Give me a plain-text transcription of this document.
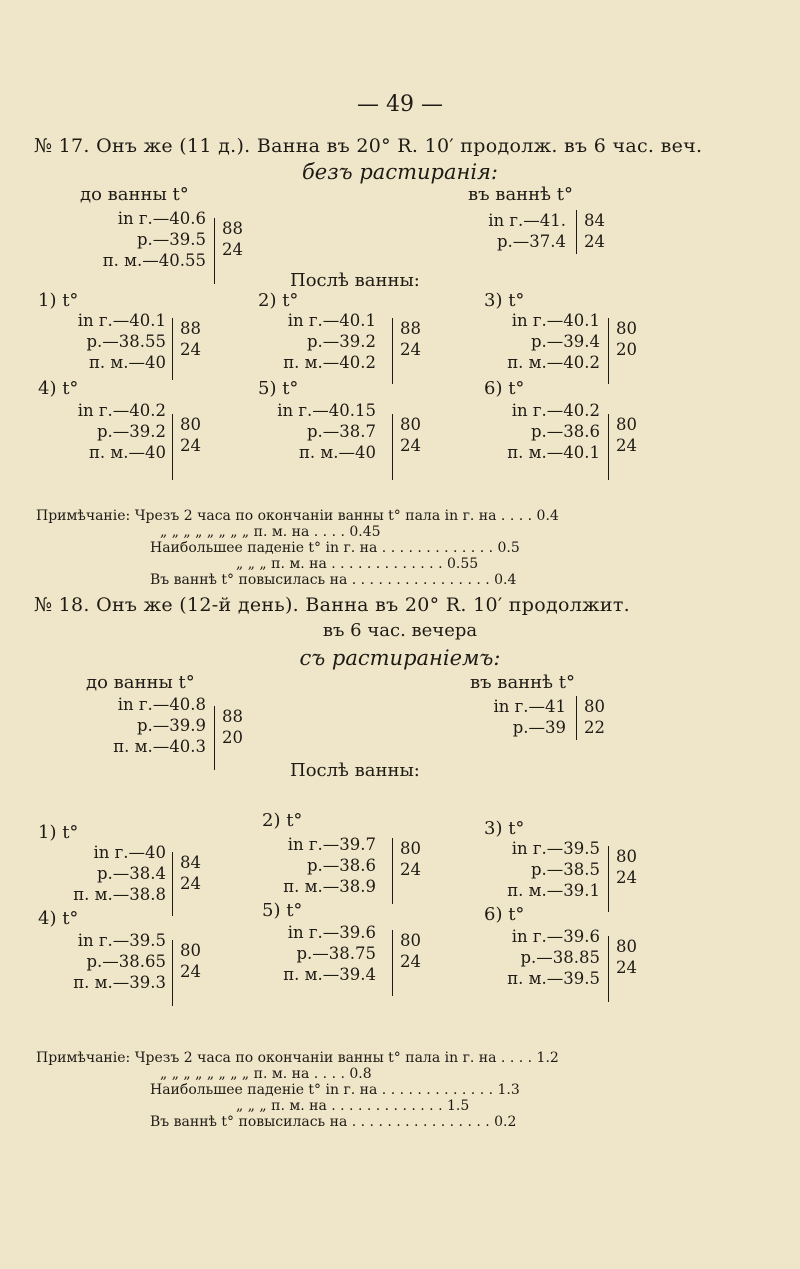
— 49 —
№ 17. Онъ же (11 д.). Ванна въ 20° R. 10′ продолж. въ 6 час. веч.
безъ растиранія:
до ванны t°	въ ваннѣ t°
in г.—40.6
р.—39.5
п. м.—40.55
88
24
in г.—41.
р.—37.4
84
24
Послѣ ванны:
1) t°
in г.—40.1
р.—38.55
п. м.—40
88
24
2) t°
in г.—40.1
р.—39.2
п. м.—40.2
88
24
3) t°
in г.—40.1
р.—39.4
п. м.—40.2
80
20
4) t°
in г.—40.2
р.—39.2
п. м.—40
80
24
5) t°
in г.—40.15
р.—38.7
п. м.—40
80
24
6) t°
in г.—40.2
р.—38.6
п. м.—40.1
80
24
Примѣчаніе: Чрезъ 2 часа по окончаніи ванны t° пала in г. на . . . . 0.4
„ „ „ „ „ „ „ „ п. м. на . . . . 0.45
Наибольшее паденіе t° in г. на . . . . . . . . . . . . . 0.5
„ „ „ п. м. на . . . . . . . . . . . . . 0.55
Въ ваннѣ t° повысилась на . . . . . . . . . . . . . . . . 0.4
№ 18. Онъ же (12-й день). Ванна въ 20° R. 10′ продолжит.
въ 6 час. вечера
съ растираніемъ:
до ванны t°	въ ваннѣ t°
in г.—40.8
р.—39.9
п. м.—40.3
88
20
in г.—41
р.—39
80
22
Послѣ ванны:
1) t°
in г.—40
р.—38.4
п. м.—38.8
84
24
2) t°
in г.—39.7
р.—38.6
п. м.—38.9
80
24
3) t°
in г.—39.5
р.—38.5
п. м.—39.1
80
24
4) t°
in г.—39.5
р.—38.65
п. м.—39.3
80
24
5) t°
in г.—39.6
р.—38.75
п. м.—39.4
80
24
6) t°
in г.—39.6
р.—38.85
п. м.—39.5
80
24
Примѣчаніе: Чрезъ 2 часа по окончаніи ванны t° пала in г. на . . . . 1.2
„ „ „ „ „ „ „ „ п. м. на . . . . 0.8
Наибольшее паденіе t° in г. на . . . . . . . . . . . . . 1.3
„ „ „ п. м. на . . . . . . . . . . . . . 1.5
Въ ваннѣ t° повысилась на . . . . . . . . . . . . . . . . 0.2
